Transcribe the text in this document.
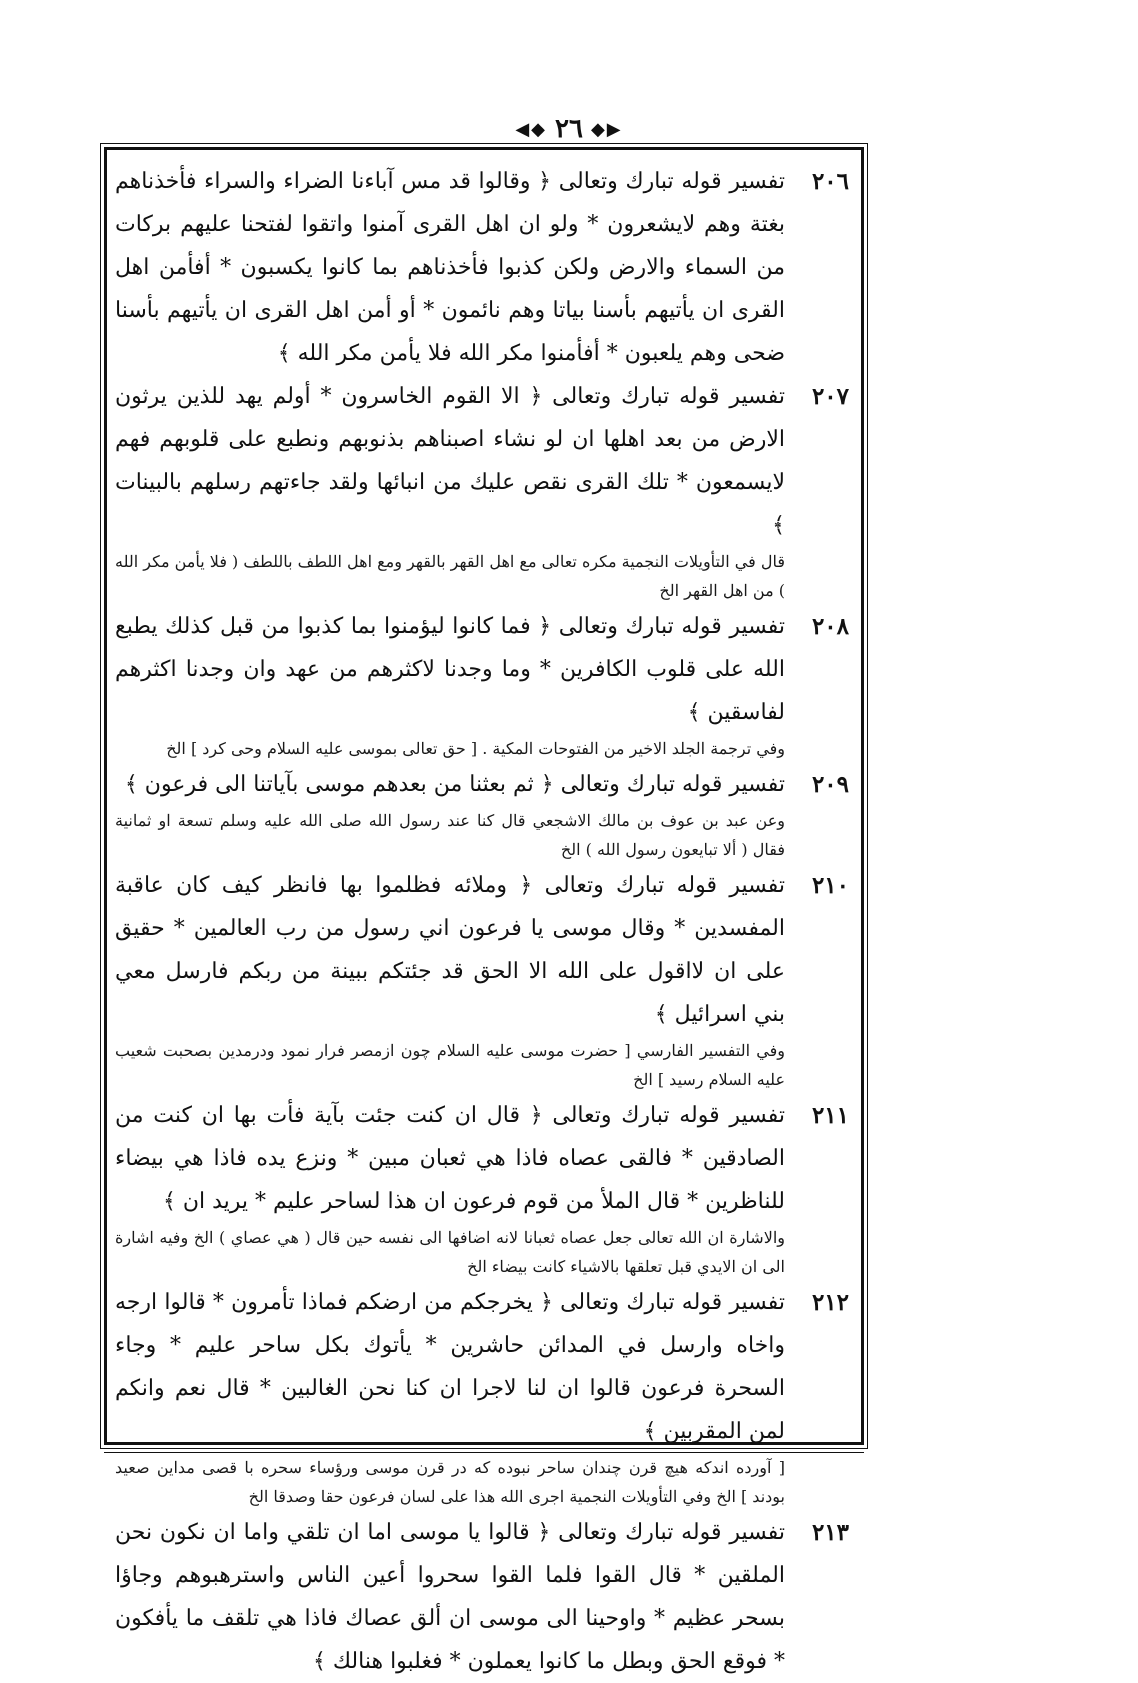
◀◆ ٢٦ ◆▶
٢٠٦

تفسير قوله تبارك وتعالى ﴿ وقالوا قد مس آباءنا الضراء والسراء فأخذناهم بغتة وهم لايشعرون * ولو ان اهل القرى آمنوا واتقوا لفتحنا عليهم بركات من السماء والارض ولكن كذبوا فأخذناهم بما كانوا يكسبون * أفأمن اهل القرى ان يأتيهم بأسنا بياتا وهم نائمون * أو أمن اهل القرى ان يأتيهم بأسنا ضحى وهم يلعبون * أفأمنوا مكر الله فلا يأمن مكر الله ﴾

٢٠٧

تفسير قوله تبارك وتعالى ﴿ الا القوم الخاسرون * أولم يهد للذين يرثون الارض من بعد اهلها ان لو نشاء اصبناهم بذنوبهم ونطبع على قلوبهم فهم لايسمعون * تلك القرى نقص عليك من انبائها ولقد جاءتهم رسلهم بالبينات ﴾

قال في التأويلات النجمية مكره تعالى مع اهل القهر بالقهر ومع اهل اللطف باللطف ( فلا يأمن مكر الله ) من اهل القهر الخ

٢٠٨

تفسير قوله تبارك وتعالى ﴿ فما كانوا ليؤمنوا بما كذبوا من قبل كذلك يطبع الله على قلوب الكافرين * وما وجدنا لاكثرهم من عهد وان وجدنا اكثرهم لفاسقين ﴾

وفي ترجمة الجلد الاخير من الفتوحات المكية . [ حق تعالى بموسى عليه السلام وحى كرد ] الخ

٢٠٩

تفسير قوله تبارك وتعالى ﴿ ثم بعثنا من بعدهم موسى بآياتنا الى فرعون ﴾

وعن عبد بن عوف بن مالك الاشجعي قال كنا عند رسول الله صلى الله عليه وسلم تسعة او ثمانية فقال ( ألا تبايعون رسول الله ) الخ

٢١٠

تفسير قوله تبارك وتعالى ﴿ وملائه فظلموا بها فانظر كيف كان عاقبة المفسدين * وقال موسى يا فرعون اني رسول من رب العالمين * حقيق على ان لااقول على الله الا الحق قد جئتكم ببينة من ربكم فارسل معي بني اسرائيل ﴾

وفي التفسير الفارسي [ حضرت موسى عليه السلام چون ازمصر فرار نمود ودرمدين بصحبت شعيب عليه السلام رسيد ] الخ

٢١١

تفسير قوله تبارك وتعالى ﴿ قال ان كنت جئت بآية فأت بها ان كنت من الصادقين * فالقى عصاه فاذا هي ثعبان مبين * ونزع يده فاذا هي بيضاء للناظرين * قال الملأ من قوم فرعون ان هذا لساحر عليم * يريد ان ﴾

والاشارة ان الله تعالى جعل عصاه ثعبانا لانه اضافها الى نفسه حين قال ( هي عصاي ) الخ وفيه اشارة الى ان الايدي قبل تعلقها بالاشياء كانت بيضاء الخ

٢١٢

تفسير قوله تبارك وتعالى ﴿ يخرجكم من ارضكم فماذا تأمرون * قالوا ارجه واخاه وارسل في المدائن حاشرين * يأتوك بكل ساحر عليم * وجاء السحرة فرعون قالوا ان لنا لاجرا ان كنا نحن الغالبين * قال نعم وانكم لمن المقربين ﴾

[ آورده اندكه هيچ قرن چندان ساحر نبوده كه در قرن موسى ورؤساء سحره با قصى مداين صعيد بودند ] الخ وفي التأويلات النجمية اجرى الله هذا على لسان فرعون حقا وصدقا الخ

٢١٣

تفسير قوله تبارك وتعالى ﴿ قالوا يا موسى اما ان تلقي واما ان نكون نحن الملقين * قال القوا فلما القوا سحروا أعين الناس واسترهبوهم وجاؤا بسحر عظيم * واوحينا الى موسى ان ألق عصاك فاذا هي تلقف ما يأفكون * فوقع الحق وبطل ما كانوا يعملون * فغلبوا هنالك ﴾
